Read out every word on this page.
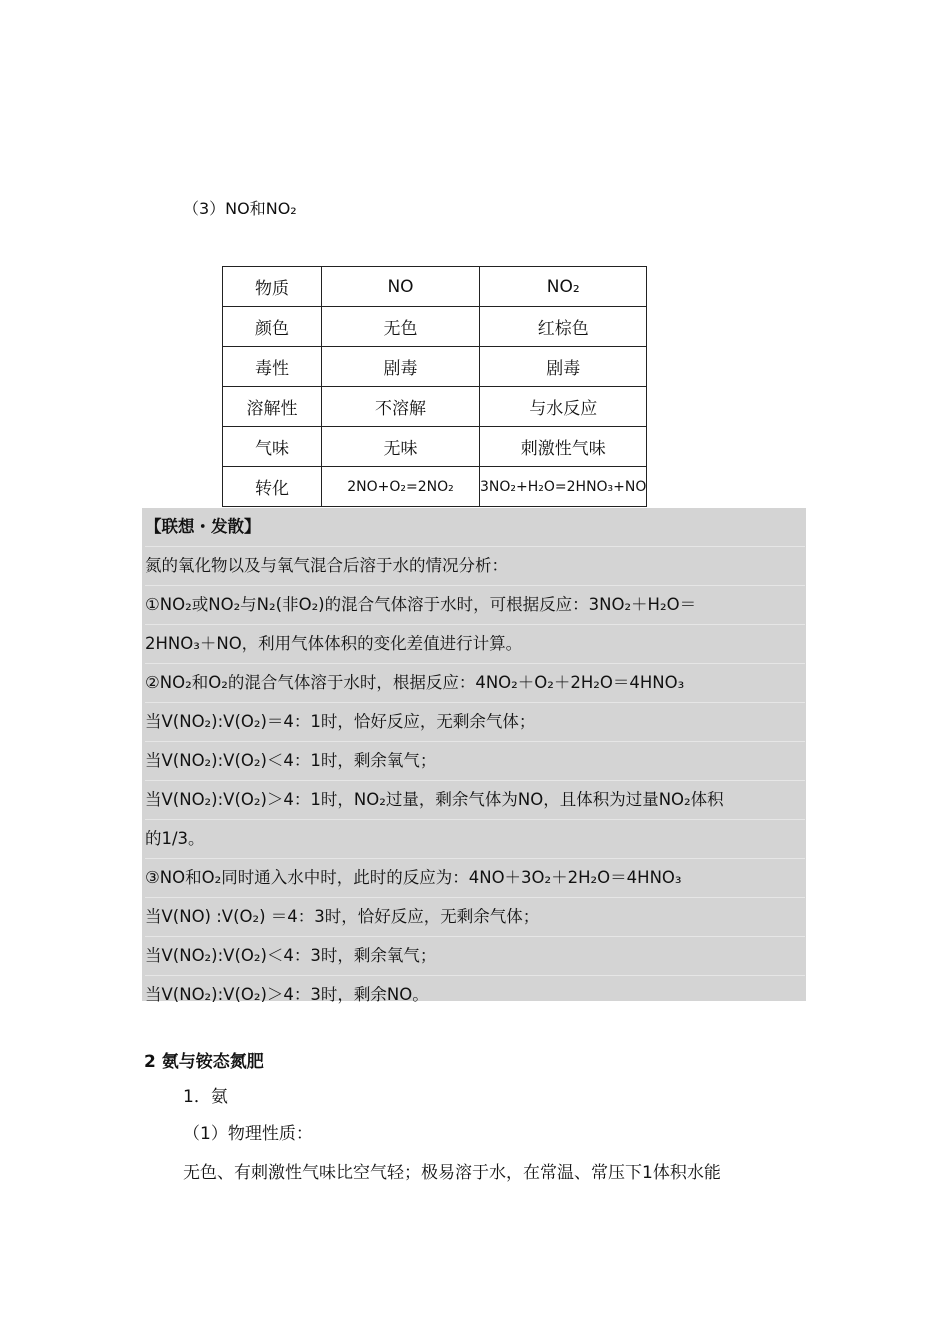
（3）NO和NO₂
物质	NO	NO₂
颜色	无色	红棕色
毒性	剧毒	剧毒
溶解性	不溶解	与水反应
气味	无味	刺激性气味
转化	2NO+O₂=2NO₂	3NO₂+H₂O=2HNO₃+NO
【联想・发散】
氮的氧化物以及与氧气混合后溶于水的情况分析：
①NO₂或NO₂与N₂(非O₂)的混合气体溶于水时，可根据反应：3NO₂＋H₂O＝
2HNO₃＋NO，利用气体体积的变化差值进行计算。
②NO₂和O₂的混合气体溶于水时，根据反应：4NO₂＋O₂＋2H₂O＝4HNO₃
当V(NO₂):V(O₂)＝4：1时，恰好反应，无剩余气体；
当V(NO₂):V(O₂)＜4：1时，剩余氧气；
当V(NO₂):V(O₂)＞4：1时，NO₂过量，剩余气体为NO，且体积为过量NO₂体积
的1/3。
③NO和O₂同时通入水中时，此时的反应为：4NO＋3O₂＋2H₂O＝4HNO₃
当V(NO) :V(O₂) ＝4：3时，恰好反应，无剩余气体；
当V(NO₂):V(O₂)＜4：3时，剩余氧气；
当V(NO₂):V(O₂)＞4：3时，剩余NO。
2 氨与铵态氮肥
1．氨
（1）物理性质：
无色、有刺激性气味比空气轻；极易溶于水，在常温、常压下1体积水能
